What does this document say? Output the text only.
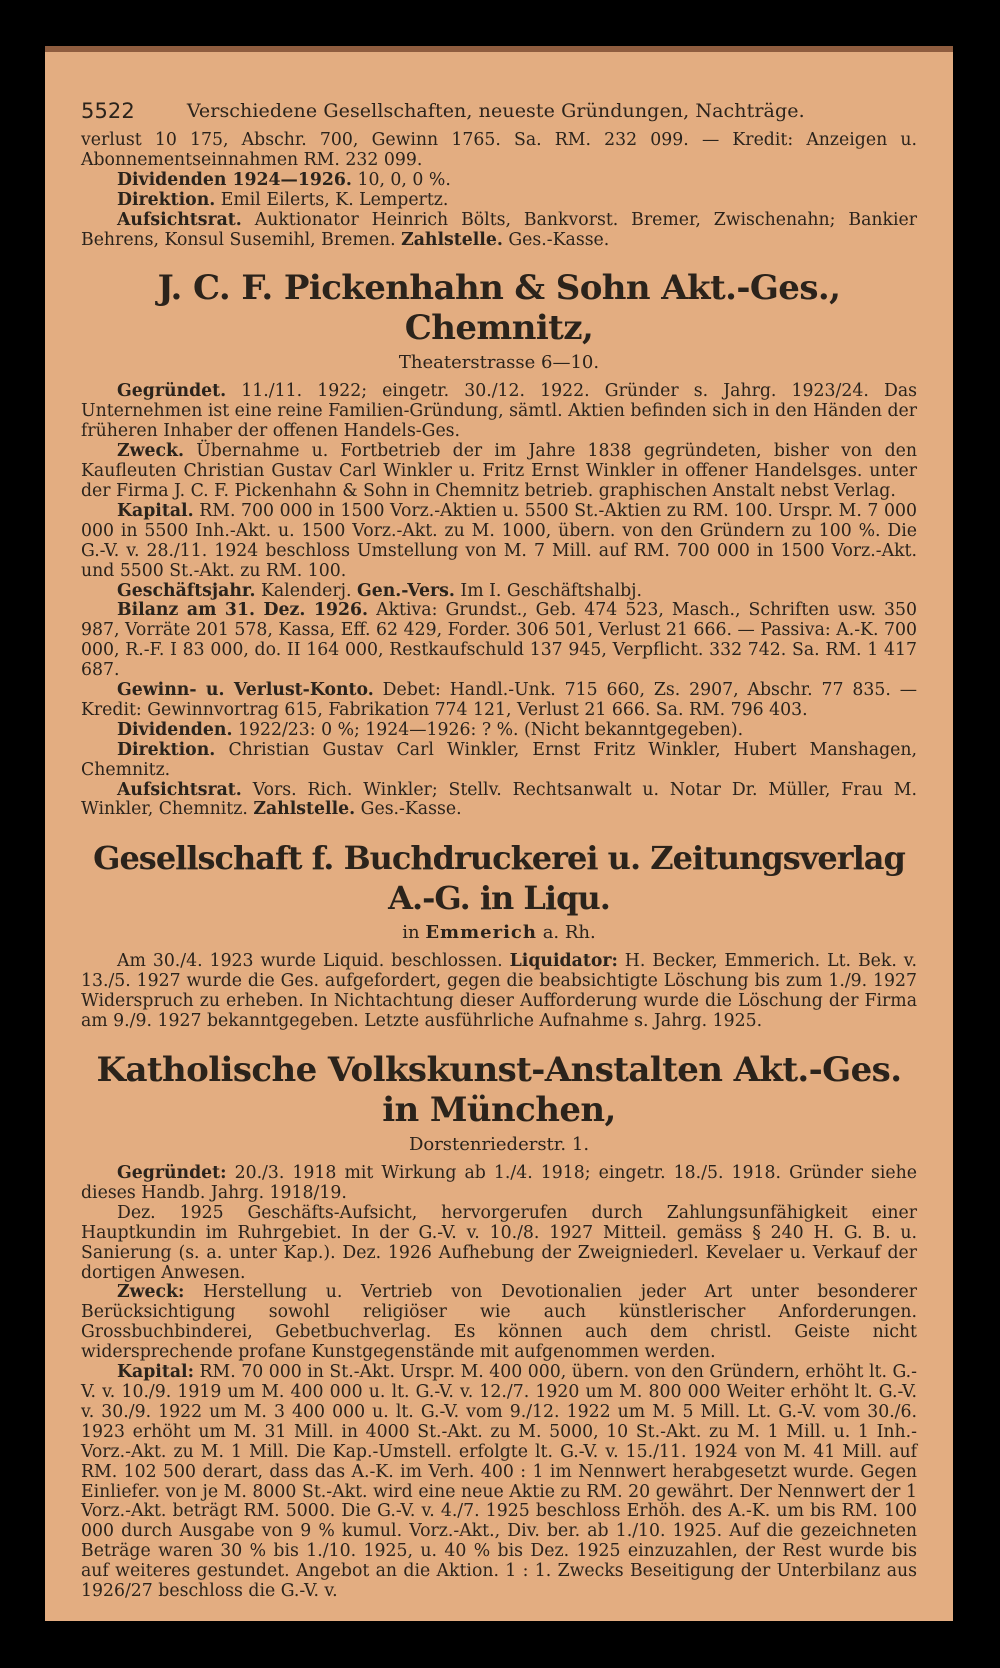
5522	Verschiedene Gesellschaften, neueste Gründungen, Nachträge.

verlust 10 175, Abschr. 700, Gewinn 1765. Sa. RM. 232 099. — Kredit: Anzeigen u. Abonnementseinnahmen RM. 232 099.

Dividenden 1924—1926. 10, 0, 0 %.

Direktion. Emil Eilerts, K. Lempertz.

Aufsichtsrat. Auktionator Heinrich Bölts, Bankvorst. Bremer, Zwischenahn; Bankier Behrens, Konsul Susemihl, Bremen. Zahlstelle. Ges.-Kasse.

J. C. F. Pickenhahn & Sohn Akt.-Ges., Chemnitz,
Theaterstrasse 6—10.

Gegründet. 11./11. 1922; eingetr. 30./12. 1922. Gründer s. Jahrg. 1923/24. Das Unternehmen ist eine reine Familien-Gründung, sämtl. Aktien befinden sich in den Händen der früheren Inhaber der offenen Handels-Ges.

Zweck. Übernahme u. Fortbetrieb der im Jahre 1838 gegründeten, bisher von den Kaufleuten Christian Gustav Carl Winkler u. Fritz Ernst Winkler in offener Handelsges. unter der Firma J. C. F. Pickenhahn & Sohn in Chemnitz betrieb. graphischen Anstalt nebst Verlag.

Kapital. RM. 700 000 in 1500 Vorz.-Aktien u. 5500 St.-Aktien zu RM. 100. Urspr. M. 7 000 000 in 5500 Inh.-Akt. u. 1500 Vorz.-Akt. zu M. 1000, übern. von den Gründern zu 100 %. Die G.-V. v. 28./11. 1924 beschloss Umstellung von M. 7 Mill. auf RM. 700 000 in 1500 Vorz.-Akt. und 5500 St.-Akt. zu RM. 100.

Geschäftsjahr. Kalenderj. Gen.-Vers. Im I. Geschäftshalbj.

Bilanz am 31. Dez. 1926. Aktiva: Grundst., Geb. 474 523, Masch., Schriften usw. 350 987, Vorräte 201 578, Kassa, Eff. 62 429, Forder. 306 501, Verlust 21 666. — Passiva: A.-K. 700 000, R.-F. I 83 000, do. II 164 000, Restkaufschuld 137 945, Verpflicht. 332 742. Sa. RM. 1 417 687.

Gewinn- u. Verlust-Konto. Debet: Handl.-Unk. 715 660, Zs. 2907, Abschr. 77 835. — Kredit: Gewinnvortrag 615, Fabrikation 774 121, Verlust 21 666. Sa. RM. 796 403.

Dividenden. 1922/23: 0 %; 1924—1926: ? %. (Nicht bekanntgegeben).

Direktion. Christian Gustav Carl Winkler, Ernst Fritz Winkler, Hubert Manshagen, Chemnitz.

Aufsichtsrat. Vors. Rich. Winkler; Stellv. Rechtsanwalt u. Notar Dr. Müller, Frau M. Winkler, Chemnitz. Zahlstelle. Ges.-Kasse.

Gesellschaft f. Buchdruckerei u. Zeitungsverlag A.-G. in Liqu.
in Emmerich a. Rh.

Am 30./4. 1923 wurde Liquid. beschlossen. Liquidator: H. Becker, Emmerich. Lt. Bek. v. 13./5. 1927 wurde die Ges. aufgefordert, gegen die beabsichtigte Löschung bis zum 1./9. 1927 Widerspruch zu erheben. In Nichtachtung dieser Aufforderung wurde die Löschung der Firma am 9./9. 1927 bekanntgegeben. Letzte ausführliche Aufnahme s. Jahrg. 1925.

Katholische Volkskunst-Anstalten Akt.-Ges. in München,
Dorstenriederstr. 1.

Gegründet: 20./3. 1918 mit Wirkung ab 1./4. 1918; eingetr. 18./5. 1918. Gründer siehe dieses Handb. Jahrg. 1918/19.

Dez. 1925 Geschäfts-Aufsicht, hervorgerufen durch Zahlungsunfähigkeit einer Hauptkundin im Ruhrgebiet. In der G.-V. v. 10./8. 1927 Mitteil. gemäss § 240 H. G. B. u. Sanierung (s. a. unter Kap.). Dez. 1926 Aufhebung der Zweigniederl. Kevelaer u. Verkauf der dortigen Anwesen.

Zweck: Herstellung u. Vertrieb von Devotionalien jeder Art unter besonderer Berücksichtigung sowohl religiöser wie auch künstlerischer Anforderungen. Grossbuchbinderei, Gebetbuchverlag. Es können auch dem christl. Geiste nicht widersprechende profane Kunstgegenstände mit aufgenommen werden.

Kapital: RM. 70 000 in St.-Akt. Urspr. M. 400 000, übern. von den Gründern, erhöht lt. G.-V. v. 10./9. 1919 um M. 400 000 u. lt. G.-V. v. 12./7. 1920 um M. 800 000 Weiter erhöht lt. G.-V. v. 30./9. 1922 um M. 3 400 000 u. lt. G.-V. vom 9./12. 1922 um M. 5 Mill. Lt. G.-V. vom 30./6. 1923 erhöht um M. 31 Mill. in 4000 St.-Akt. zu M. 5000, 10 St.-Akt. zu M. 1 Mill. u. 1 Inh.-Vorz.-Akt. zu M. 1 Mill. Die Kap.-Umstell. erfolgte lt. G.-V. v. 15./11. 1924 von M. 41 Mill. auf RM. 102 500 derart, dass das A.-K. im Verh. 400 : 1 im Nennwert herabgesetzt wurde. Gegen Einliefer. von je M. 8000 St.-Akt. wird eine neue Aktie zu RM. 20 gewährt. Der Nennwert der 1 Vorz.-Akt. beträgt RM. 5000. Die G.-V. v. 4./7. 1925 beschloss Erhöh. des A.-K. um bis RM. 100 000 durch Ausgabe von 9 % kumul. Vorz.-Akt., Div. ber. ab 1./10. 1925. Auf die gezeichneten Beträge waren 30 % bis 1./10. 1925, u. 40 % bis Dez. 1925 einzuzahlen, der Rest wurde bis auf weiteres gestundet. Angebot an die Aktion. 1 : 1. Zwecks Beseitigung der Unterbilanz aus 1926/27 beschloss die G.-V. v.
